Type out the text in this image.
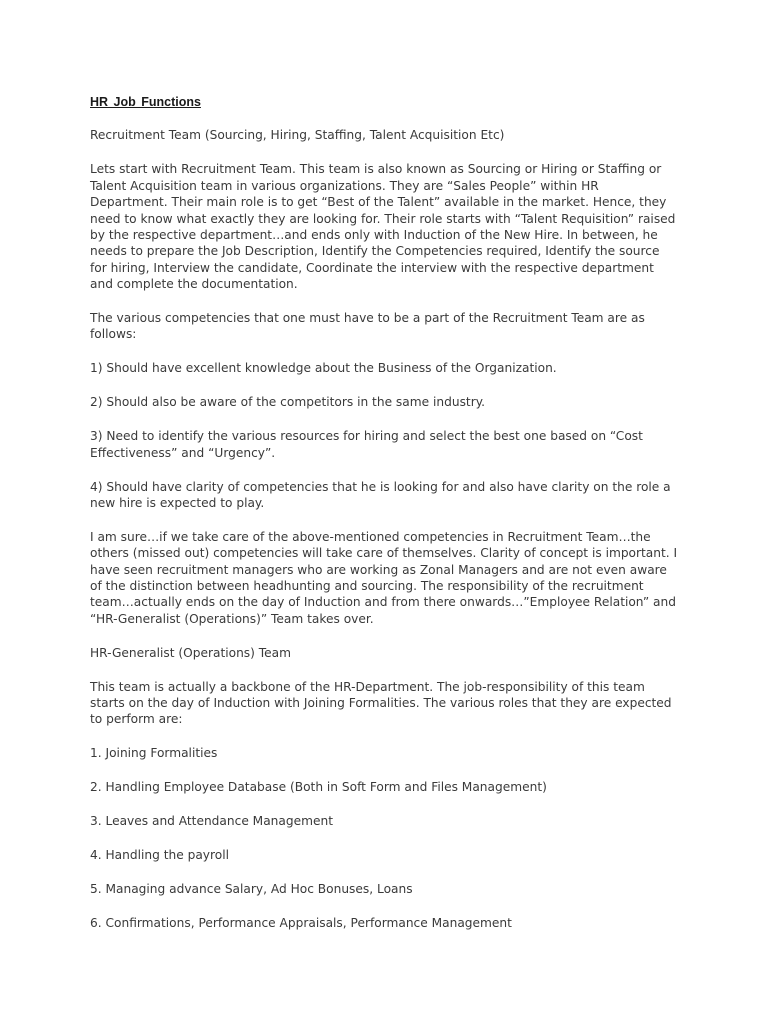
HR Job Functions

Recruitment Team (Sourcing, Hiring, Staffing, Talent Acquisition Etc)

Lets start with Recruitment Team. This team is also known as Sourcing or Hiring or Staffing or Talent Acquisition team in various organizations. They are “Sales People” within HR Department. Their main role is to get “Best of the Talent” available in the market. Hence, they need to know what exactly they are looking for. Their role starts with “Talent Requisition” raised by the respective department…and ends only with Induction of the New Hire. In between, he needs to prepare the Job Description, Identify the Competencies required, Identify the source for hiring, Interview the candidate, Coordinate the interview with the respective department and complete the documentation.

The various competencies that one must have to be a part of the Recruitment Team are as follows:

1) Should have excellent knowledge about the Business of the Organization.

2) Should also be aware of the competitors in the same industry.

3) Need to identify the various resources for hiring and select the best one based on “Cost Effectiveness” and “Urgency”.

4) Should have clarity of competencies that he is looking for and also have clarity on the role a new hire is expected to play.

I am sure…if we take care of the above-mentioned competencies in Recruitment Team…the others (missed out) competencies will take care of themselves. Clarity of concept is important. I have seen recruitment managers who are working as Zonal Managers and are not even aware of the distinction between headhunting and sourcing. The responsibility of the recruitment team…actually ends on the day of Induction and from there onwards…”Employee Relation” and “HR-Generalist (Operations)” Team takes over.

HR-Generalist (Operations) Team

This team is actually a backbone of the HR-Department. The job-responsibility of this team starts on the day of Induction with Joining Formalities. The various roles that they are expected to perform are:

1. Joining Formalities

2. Handling Employee Database (Both in Soft Form and Files Management)

3. Leaves and Attendance Management

4. Handling the payroll

5. Managing advance Salary, Ad Hoc Bonuses, Loans

6. Confirmations, Performance Appraisals, Performance Management
